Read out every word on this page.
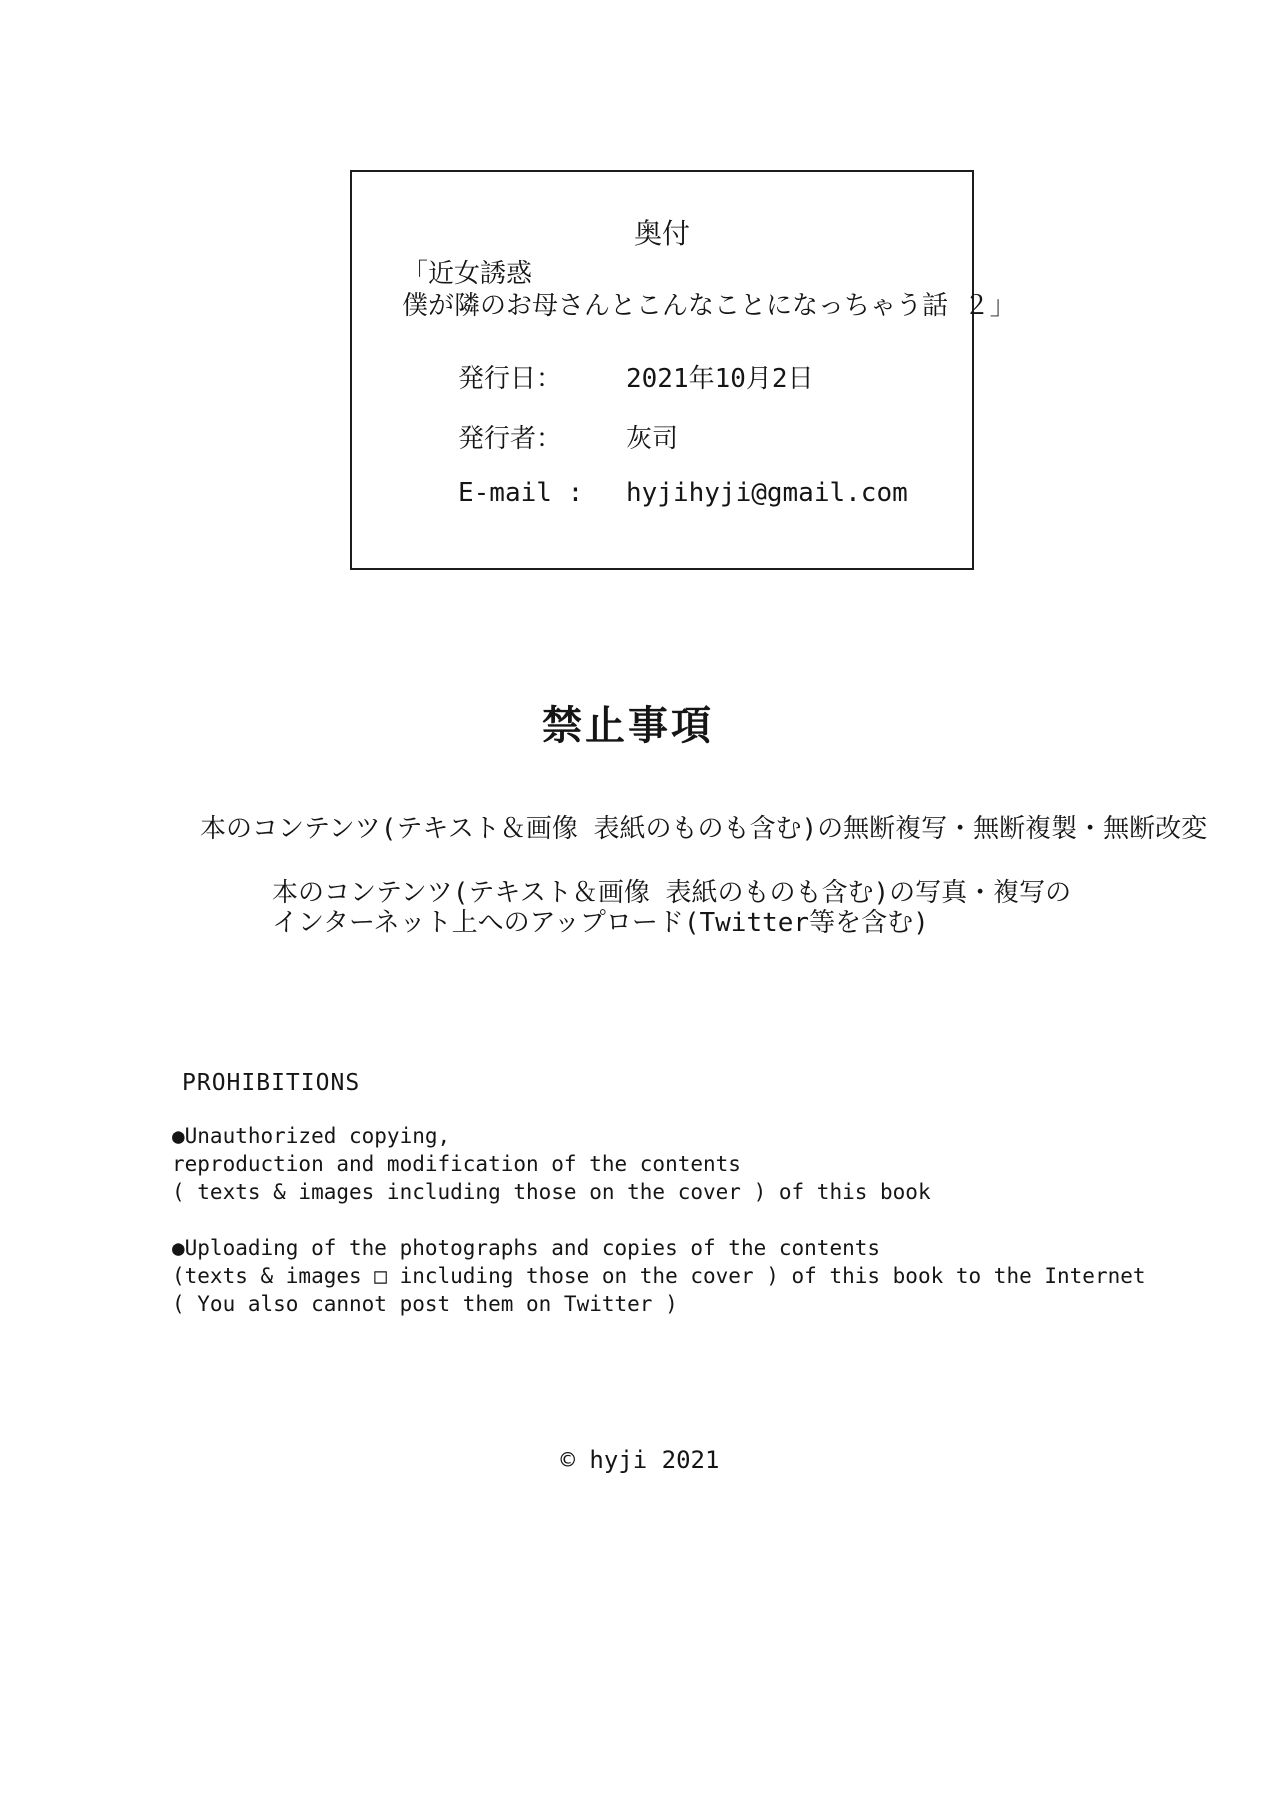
奥付
「近女誘惑
僕が隣のお母さんとこんなことになっちゃう話 ２」
発行日：	2021年10月2日
発行者：	灰司
E-mail :	hyjihyji@gmail.com
禁止事項
本のコンテンツ(テキスト＆画像 表紙のものも含む)の無断複写・無断複製・無断改変
本のコンテンツ(テキスト＆画像 表紙のものも含む)の写真・複写の
インターネット上へのアップロード(Twitter等を含む)
PROHIBITIONS
●Unauthorized copying,
reproduction and modification of the contents
( texts & images including those on the cover ) of this book
●Uploading of the photographs and copies of the contents
(texts & images □ including those on the cover ) of this book to the Internet
( You also cannot post them on Twitter )
© hyji 2021
